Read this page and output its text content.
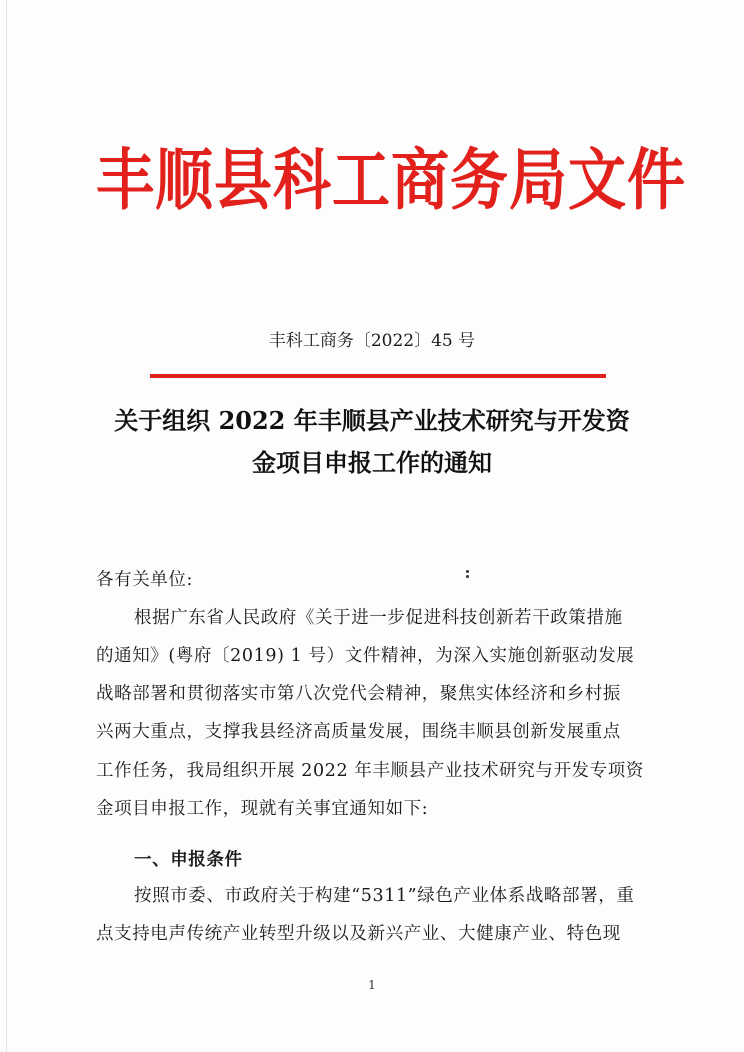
丰顺县科工商务局文件
丰科工商务〔2022〕45 号
关于组织 2022 年丰顺县产业技术研究与开发资
金项目申报工作的通知
各有关单位:
根据广东省人民政府《关于进一步促进科技创新若干政策措施
的通知》(粤府〔2019) 1 号）文件精神，为深入实施创新驱动发展
战略部署和贯彻落实市第八次党代会精神，聚焦实体经济和乡村振
兴两大重点，支撑我县经济高质量发展，围绕丰顺县创新发展重点
工作任务，我局组织开展 2022 年丰顺县产业技术研究与开发专项资
金项目申报工作，现就有关事宜通知如下:
一、申报条件
按照市委、市政府关于构建“5311”绿色产业体系战略部署，重
点支持电声传统产业转型升级以及新兴产业、大健康产业、特色现
1
